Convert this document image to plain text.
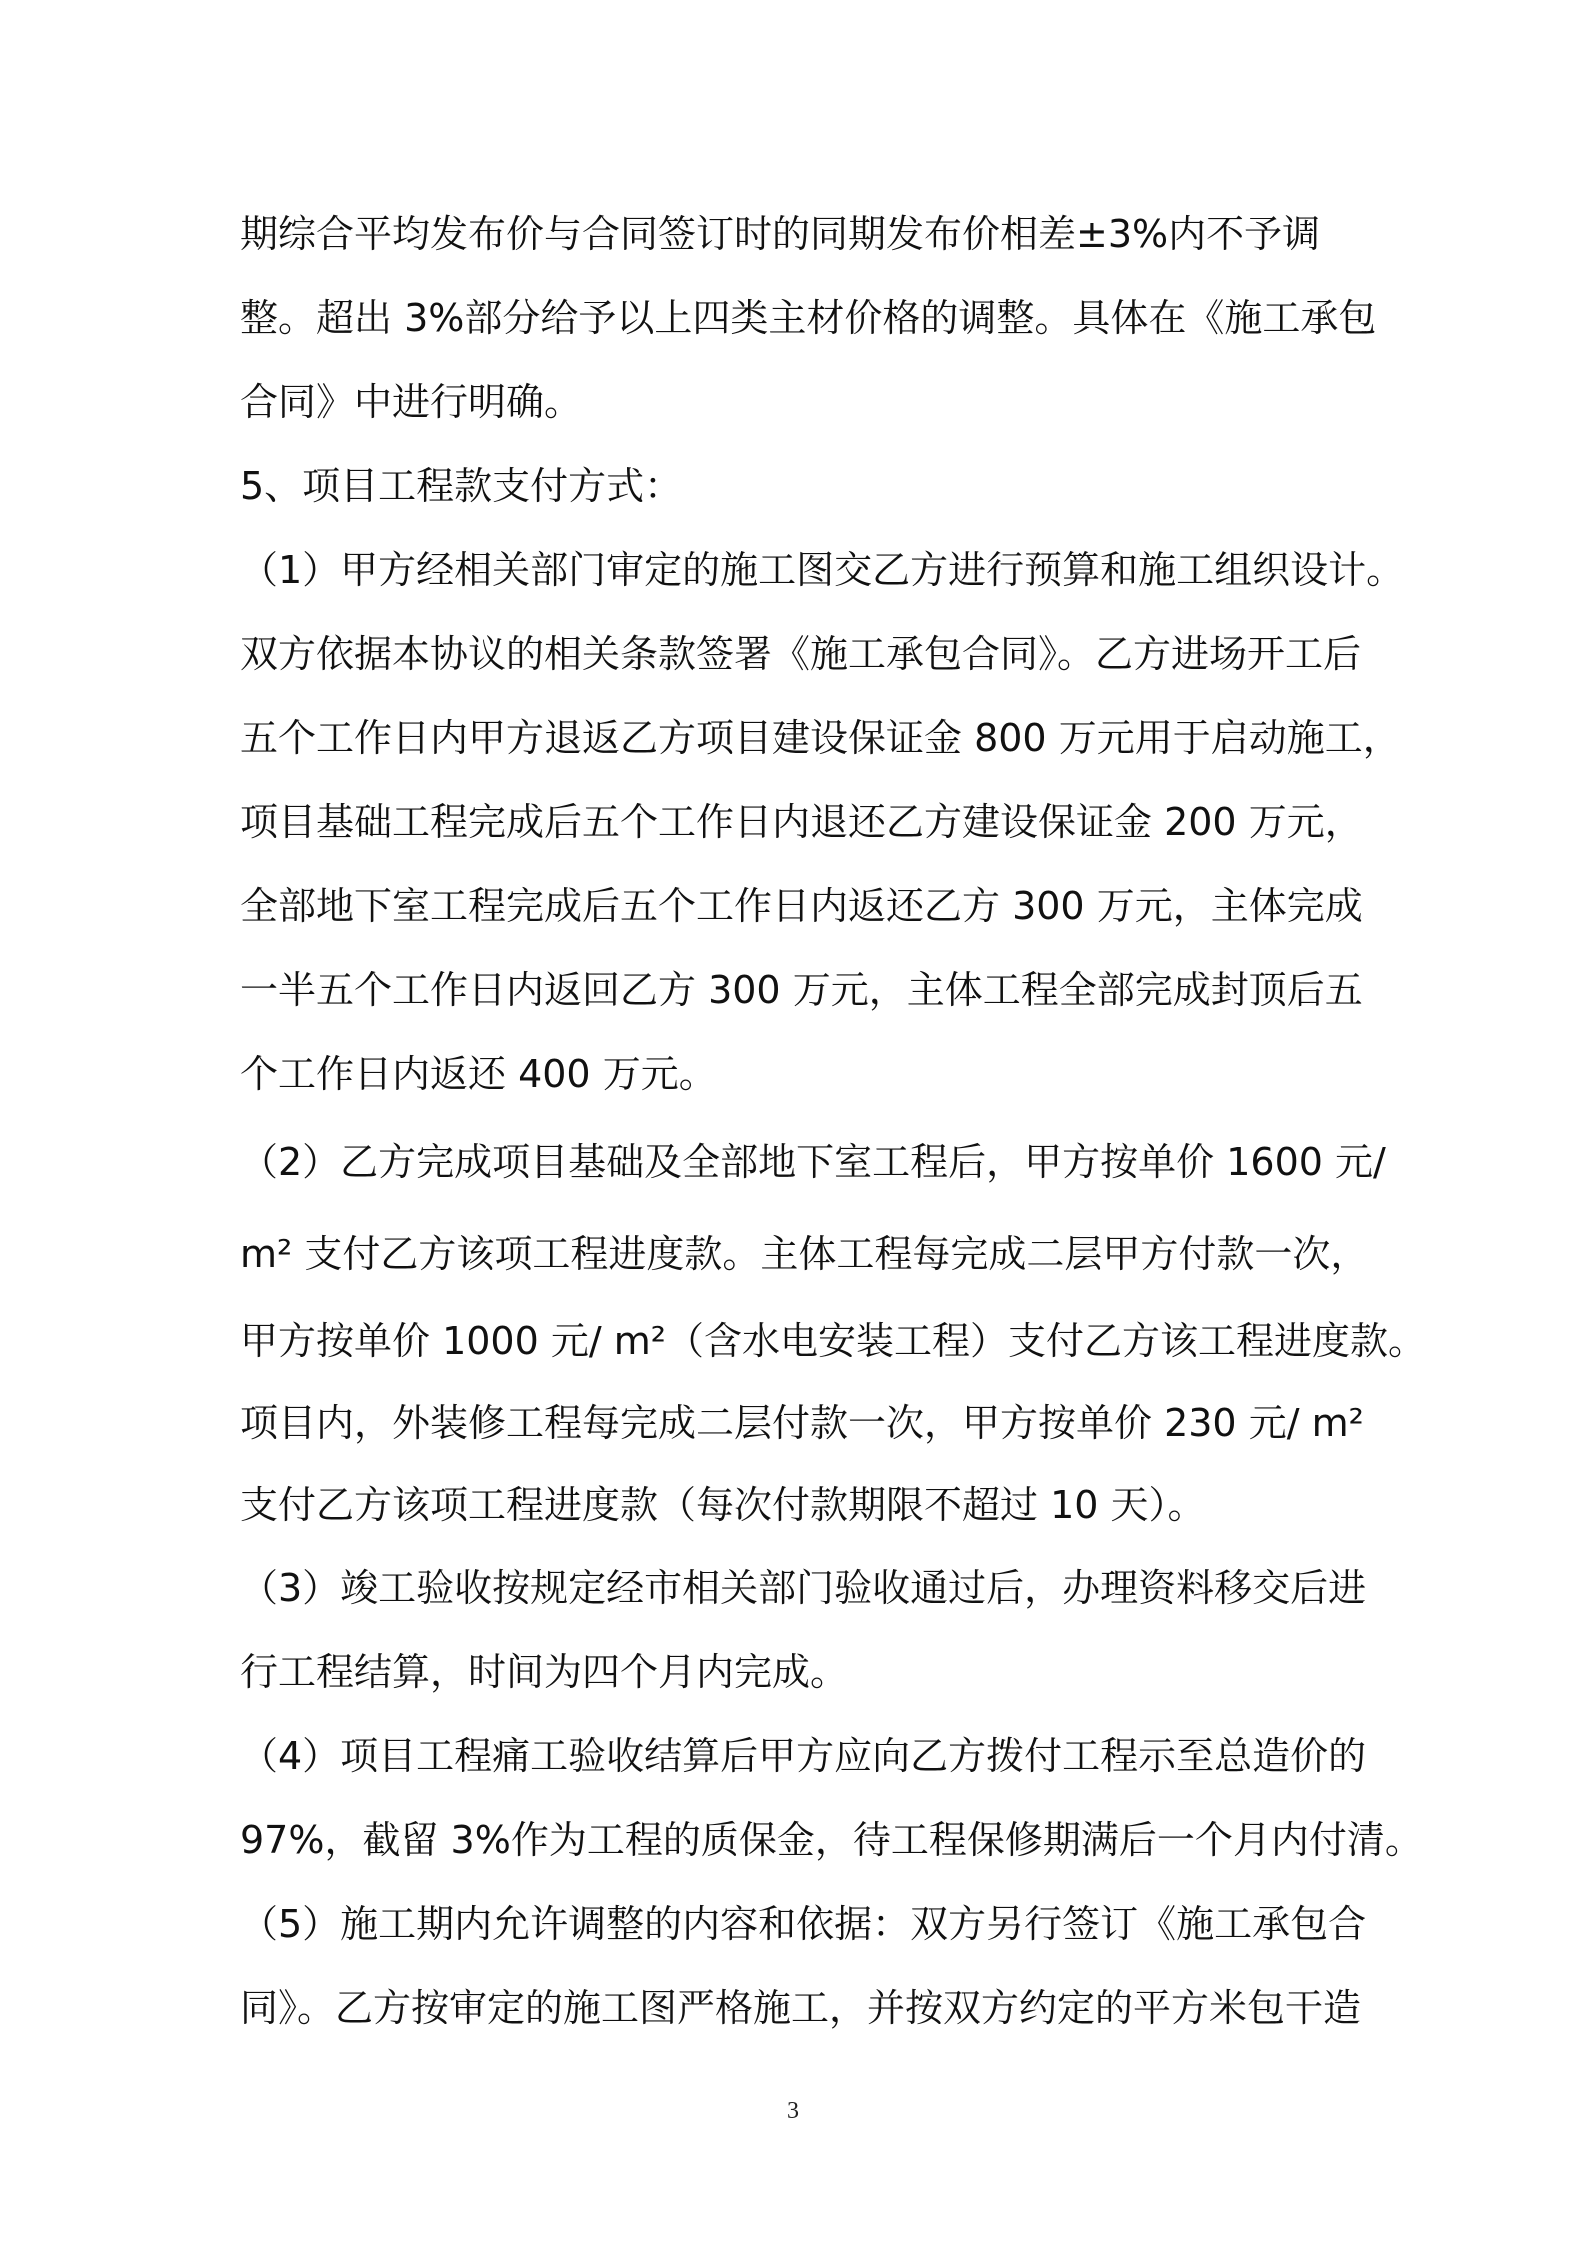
期综合平均发布价与合同签订时的同期发布价相差±3%内不予调
整。超出 3%部分给予以上四类主材价格的调整。具体在《施工承包
合同》中进行明确。
5、项目工程款支付方式：
（1）甲方经相关部门审定的施工图交乙方进行预算和施工组织设计。
双方依据本协议的相关条款签署《施工承包合同》。乙方进场开工后
五个工作日内甲方退返乙方项目建设保证金 800 万元用于启动施工，
项目基础工程完成后五个工作日内退还乙方建设保证金 200 万元，
全部地下室工程完成后五个工作日内返还乙方 300 万元，主体完成
一半五个工作日内返回乙方 300 万元，主体工程全部完成封顶后五
个工作日内返还 400 万元。
（2）乙方完成项目基础及全部地下室工程后，甲方按单价 1600 元/
m² 支付乙方该项工程进度款。主体工程每完成二层甲方付款一次，
甲方按单价 1000 元/ m²（含水电安装工程）支付乙方该工程进度款。
项目内，外装修工程每完成二层付款一次，甲方按单价 230 元/ m²
支付乙方该项工程进度款（每次付款期限不超过 10 天）。
（3）竣工验收按规定经市相关部门验收通过后，办理资料移交后进
行工程结算，时间为四个月内完成。
（4）项目工程痛工验收结算后甲方应向乙方拨付工程示至总造价的
97%，截留 3%作为工程的质保金，待工程保修期满后一个月内付清。
（5）施工期内允许调整的内容和依据：双方另行签订《施工承包合
同》。乙方按审定的施工图严格施工，并按双方约定的平方米包干造
3
